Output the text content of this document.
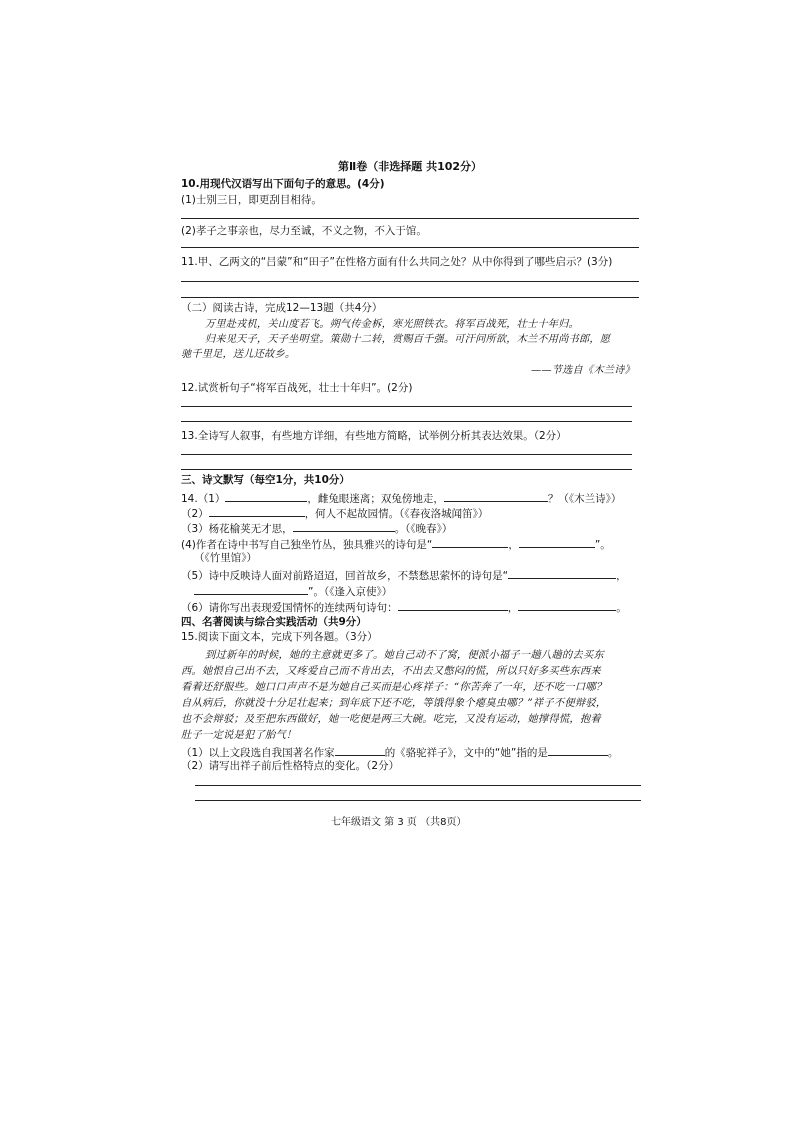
第Ⅱ卷（非选择题 共102分）
10.用现代汉语写出下面句子的意思。(4分)
(1)士别三日，即更刮目相待。
(2)孝子之事亲也，尽力至诚，不义之物，不入于馆。
11.甲、乙两文的“吕蒙”和“田子”在性格方面有什么共同之处？从中你得到了哪些启示？(3分)
（二）阅读古诗，完成12—13题（共4分）
万里赴戎机，关山度若飞。朔气传金柝，寒光照铁衣。将军百战死，壮士十年归。
归来见天子，天子坐明堂。策勋十二转，赏赐百千强。可汗问所欲，木兰不用尚书郎，愿
驰千里足，送儿还故乡。
——节选自《木兰诗》
12.试赏析句子“将军百战死，壮士十年归”。(2分)
13.全诗写人叙事，有些地方详细，有些地方简略，试举例分析其表达效果。（2分）
三、诗文默写（每空1分，共10分）
14.（1）	，雌兔眼迷离；双兔傍地走，	？（《木兰诗》）
（2）	，何人不起故园情。（《春夜洛城闻笛》）
（3）杨花榆荚无才思，	。（《晚春》）
(4)作者在诗中书写自己独坐竹丛，独具雅兴的诗句是“	，	”。
（《竹里馆》）
（5）诗中反映诗人面对前路迢迢，回首故乡，不禁愁思萦怀的诗句是“	，
”。（《逢入京使》）
（6）请你写出表现爱国情怀的连续两句诗句：	，	。
四、名著阅读与综合实践活动（共9分）
15.阅读下面文本，完成下列各题。（3分）
到过新年的时候，她的主意就更多了。她自己动不了窝，便派小福子一趟八趟的去买东
西。她恨自己出不去，又疼爱自己而不肯出去，不出去又憋闷的慌，所以只好多买些东西来
看着还舒服些。她口口声声不是为她自己买而是心疼祥子：“你苦奔了一年，还不吃一口哪？
自从病后，你就没十分足壮起来；到年底下还不吃，等饿得象个瘪臭虫哪？”祥子不便辩驳，
也不会辩驳；及至把东西做好，她一吃便是两三大碗。吃完，又没有运动，她撑得慌，抱着
肚子一定说是犯了胎气！
（1）以上文段选自我国著名作家	的《骆驼祥子》，文中的“她”指的是	。
（2）请写出祥子前后性格特点的变化。（2分）
七年级语文 第 3 页 （共8页）
